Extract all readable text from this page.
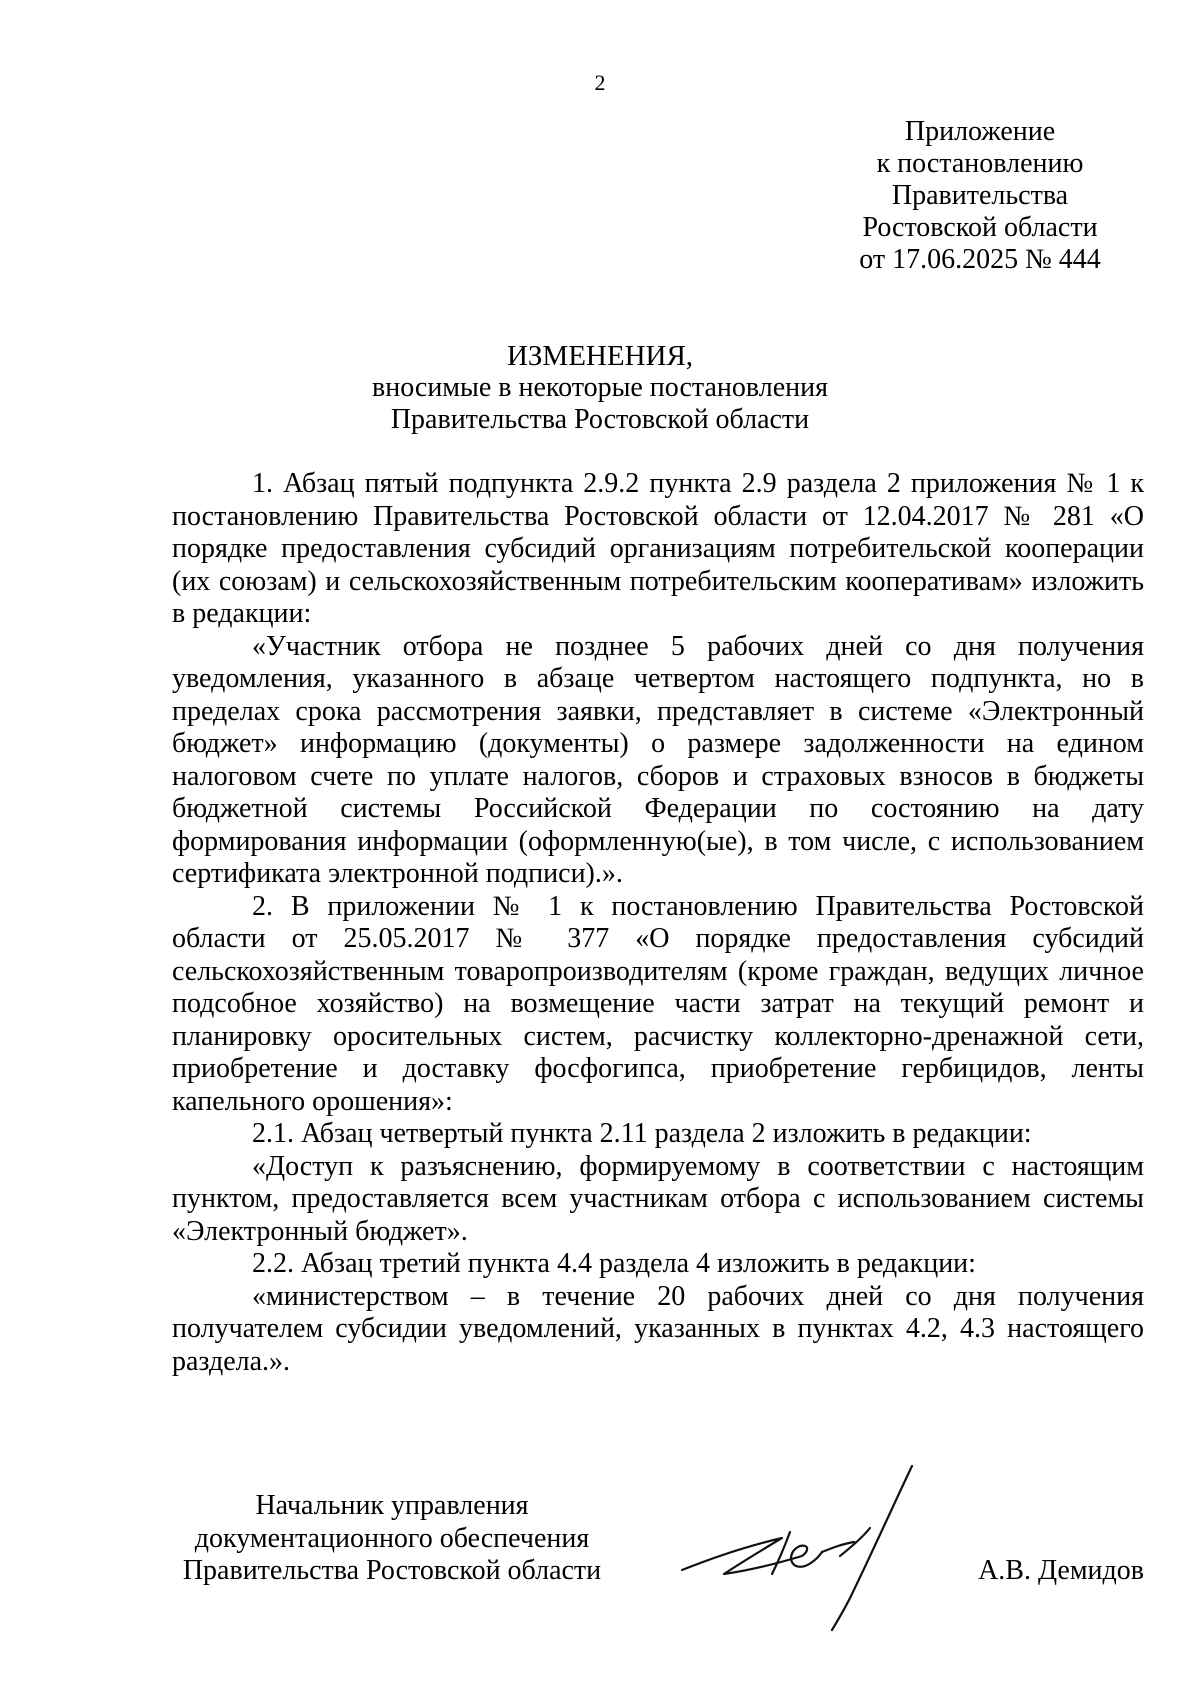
2
Приложение
к постановлению
Правительства
Ростовской области
от 17.06.2025 № 444
ИЗМЕНЕНИЯ,
вносимые в некоторые постановления
Правительства Ростовской области

1. Абзац пятый подпункта 2.9.2 пункта 2.9 раздела 2 приложения № 1 к постановлению Правительства Ростовской области от 12.04.2017 № 281 «О порядке предоставления субсидий организациям потребительской кооперации (их союзам) и сельскохозяйственным потребительским кооперативам» изложить в редакции:

«Участник отбора не позднее 5 рабочих дней со дня получения уведомления, указанного в абзаце четвертом настоящего подпункта, но в пределах срока рассмотрения заявки, представляет в системе «Электронный бюджет» информацию (документы) о размере задолженности на едином налоговом счете по уплате налогов, сборов и страховых взносов в бюджеты бюджетной системы Российской Федерации по состоянию на дату формирования информации (оформленную(ые), в том числе, с использованием сертификата электронной подписи).».

2. В приложении № 1 к постановлению Правительства Ростовской области от 25.05.2017 № 377 «О порядке предоставления субсидий сельскохозяйственным товаропроизводителям (кроме граждан, ведущих личное подсобное хозяйство) на возмещение части затрат на текущий ремонт и планировку оросительных систем, расчистку коллекторно-дренажной сети, приобретение и доставку фосфогипса, приобретение гербицидов, ленты капельного орошения»:

2.1. Абзац четвертый пункта 2.11 раздела 2 изложить в редакции:

«Доступ к разъяснению, формируемому в соответствии с настоящим пунктом, предоставляется всем участникам отбора с использованием системы «Электронный бюджет».

2.2. Абзац третий пункта 4.4 раздела 4 изложить в редакции:

«министерством – в течение 20 рабочих дней со дня получения получателем субсидии уведомлений, указанных в пунктах 4.2, 4.3 настоящего раздела.».

Начальник управления
документационного обеспечения
Правительства Ростовской области	А.В. Демидов
